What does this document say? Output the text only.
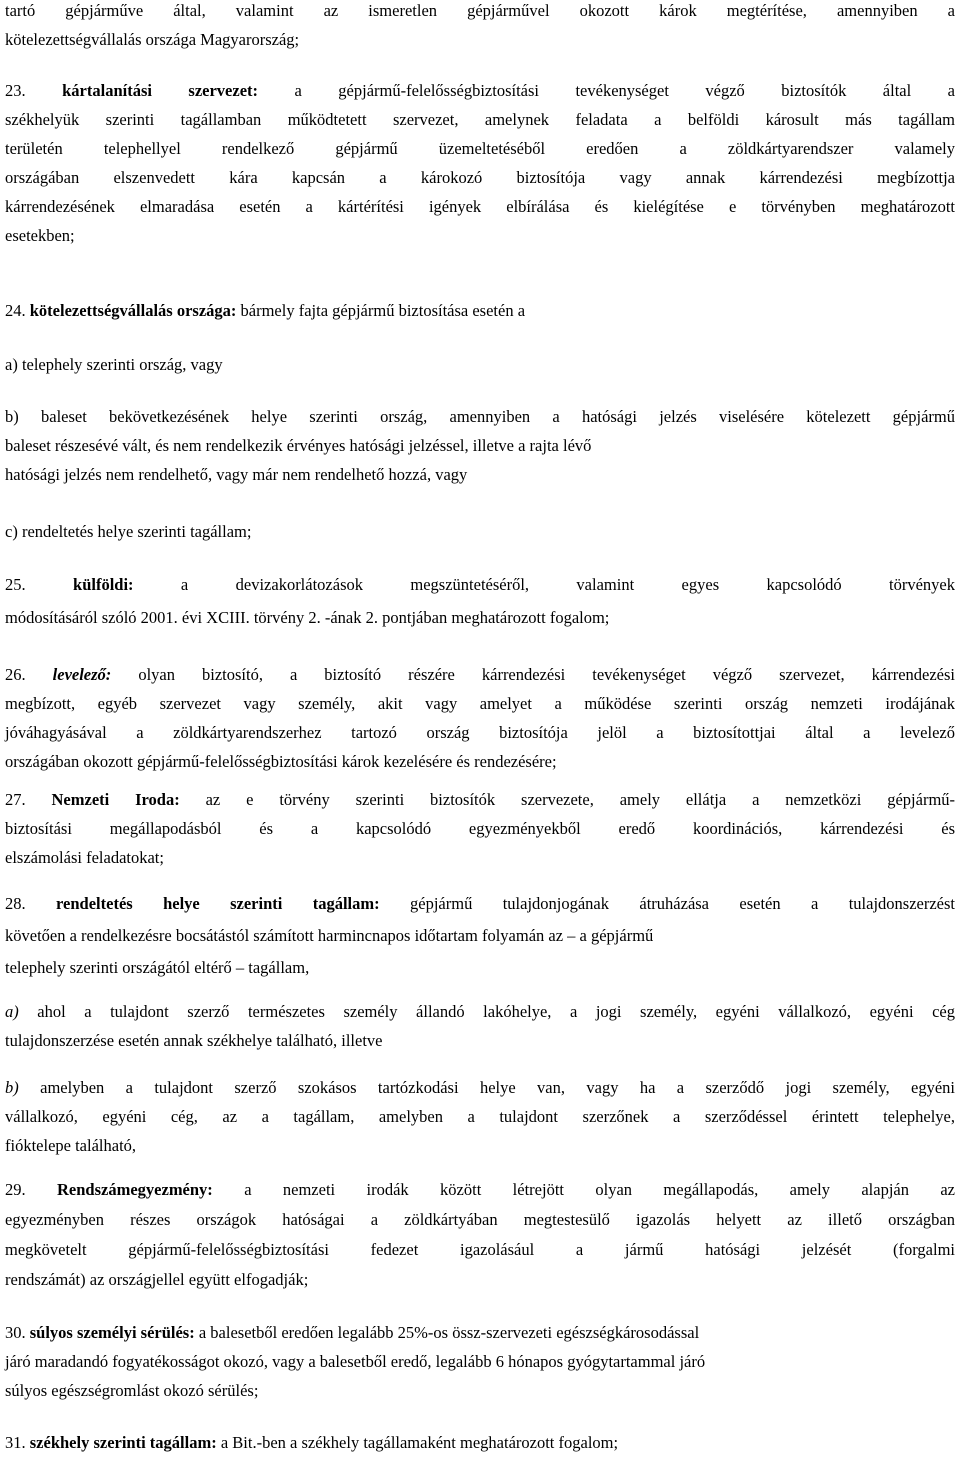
tartó gépjárműve által, valamint az ismeretlen gépjárművel okozott károk megtérítése, amennyiben a

kötelezettségvállalás országa Magyarország;

23. kártalanítási szervezet: a gépjármű-felelősségbiztosítási tevékenységet végző biztosítók által a

székhelyük szerinti tagállamban működtetett szervezet, amelynek feladata a belföldi károsult más tagállam

területén telephellyel rendelkező gépjármű üzemeltetéséből eredően a zöldkártyarendszer valamely

országában elszenvedett kára kapcsán a károkozó biztosítója vagy annak kárrendezési megbízottja

kárrendezésének elmaradása esetén a kártérítési igények elbírálása és kielégítése e törvényben meghatározott

esetekben;

24. kötelezettségvállalás országa: bármely fajta gépjármű biztosítása esetén a

a) telephely szerinti ország, vagy

b) baleset bekövetkezésének helye szerinti ország, amennyiben a hatósági jelzés viselésére kötelezett gépjármű

baleset részesévé vált, és nem rendelkezik érvényes hatósági jelzéssel, illetve a rajta lévő

hatósági jelzés nem rendelhető, vagy már nem rendelhető hozzá, vagy

c) rendeltetés helye szerinti tagállam;

25.	külföldi: a devizakorlátozások megszüntetéséről, valamint egyes kapcsolódó törvények

módosításáról szóló 2001. évi XCIII. törvény 2. -ának 2. pontjában meghatározott fogalom;

26. levelező: olyan biztosító, a biztosító részére kárrendezési tevékenységet végző szervezet, kárrendezési

megbízott, egyéb szervezet vagy személy, akit vagy amelyet a működése szerinti ország nemzeti irodájának

jóváhagyásával a zöldkártyarendszerhez tartozó ország biztosítója jelöl a biztosítottjai által a levelező

országában okozott gépjármű-felelősségbiztosítási károk kezelésére és rendezésére;

27. Nemzeti Iroda: az e törvény szerinti biztosítók szervezete, amely ellátja a nemzetközi gépjármű-

biztosítási megállapodásból és a kapcsolódó egyezményekből eredő koordinációs, kárrendezési és

elszámolási feladatokat;

28. rendeltetés helye szerinti tagállam: gépjármű tulajdonjogának átruházása esetén a tulajdonszerzést

követően a rendelkezésre bocsátástól számított harmincnapos időtartam folyamán az – a gépjármű

telephely szerinti országától eltérő – tagállam,

a) ahol a tulajdont szerző természetes személy állandó lakóhelye, a jogi személy, egyéni vállalkozó, egyéni cég

tulajdonszerzése esetén annak székhelye található, illetve

b) amelyben a tulajdont szerző szokásos tartózkodási helye van, vagy ha a szerződő jogi személy, egyéni

vállalkozó, egyéni cég, az a tagállam, amelyben a tulajdont szerzőnek a szerződéssel érintett telephelye,

fióktelepe található,

29. Rendszámegyezmény: a nemzeti irodák között létrejött olyan megállapodás, amely alapján az

egyezményben részes országok hatóságai a zöldkártyában megtestesülő igazolás helyett az illető országban

megkövetelt gépjármű-felelősségbiztosítási fedezet igazolásául a jármű hatósági jelzését (forgalmi

rendszámát) az országjellel együtt elfogadják;

30. súlyos személyi sérülés: a balesetből eredően legalább 25%-os össz-szervezeti egészségkárosodással

járó maradandó fogyatékosságot okozó, vagy a balesetből eredő, legalább 6 hónapos gyógytartammal járó

súlyos egészségromlást okozó sérülés;

31. székhely szerinti tagállam: a Bit.-ben a székhely tagállamaként meghatározott fogalom;
